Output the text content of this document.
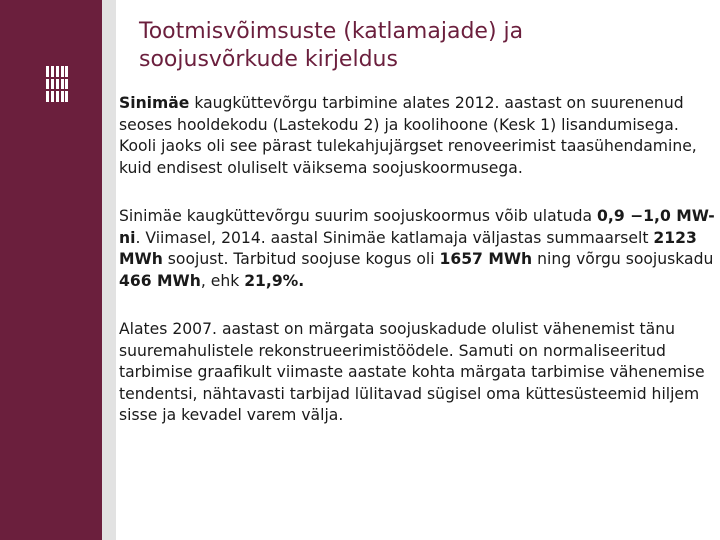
Tootmisvõimsuste (katlamajade) ja
soojusvõrkude kirjeldus

Sinimäe kaugküttevõrgu tarbimine alates 2012. aastast on suurenenud seoses hooldekodu (Lastekodu 2) ja koolihoone (Kesk 1) lisandumisega. Kooli jaoks oli see pärast tulekahjujärgset renoveerimist taasühendamine, kuid endisest oluliselt väiksema soojuskoormusega.

Sinimäe kaugküttevõrgu suurim soojuskoormus võib ulatuda 0,9 −1,0 MW-ni. Viimasel, 2014. aastal Sinimäe katlamaja väljastas summaarselt 2123 MWh soojust. Tarbitud soojuse kogus oli 1657 MWh ning võrgu soojuskadu 466 MWh, ehk 21,9%.

Alates 2007. aastast on märgata soojuskadude olulist vähenemist tänu suuremahulistele rekonstrueerimistöödele. Samuti on normaliseeritud tarbimise graafikult viimaste aastate kohta märgata tarbimise vähenemise tendentsi, nähtavasti tarbijad lülitavad sügisel oma küttesüsteemid hiljem sisse ja kevadel varem välja.
